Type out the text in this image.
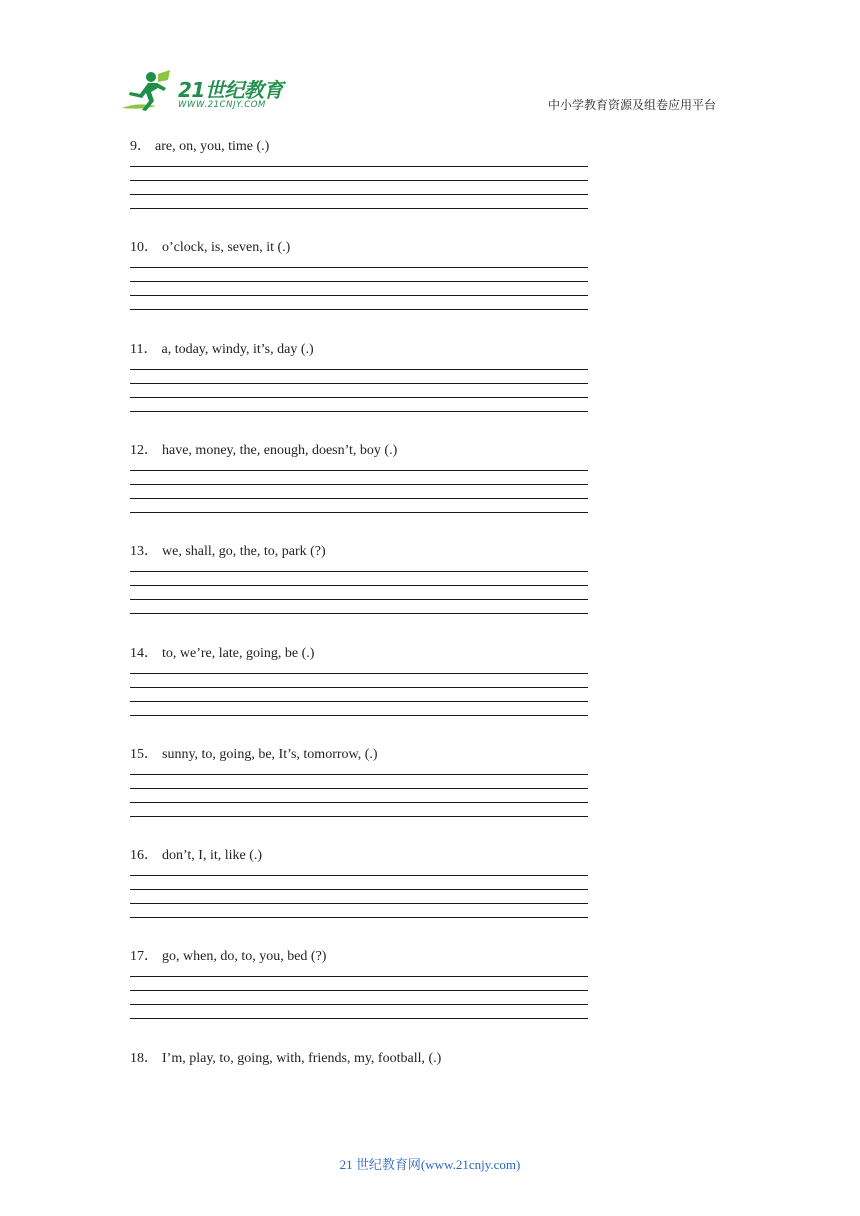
21世纪教育
WWW.21CNJY.COM	中小学教育资源及组卷应用平台
9． are, on, you, time (.)
10． o’clock, is, seven, it (.)
11． a, today, windy, it’s, day (.)
12． have, money, the, enough, doesn’t, boy (.)
13． we, shall, go, the, to, park (?)
14． to, we’re, late, going, be (.)
15． sunny, to, going, be, It’s, tomorrow, (.)
16． don’t, I, it, like (.)
17． go, when, do, to, you, bed (?)
18． I’m, play, to, going, with, friends, my, football, (.)
21 世纪教育网(www.21cnjy.com)
